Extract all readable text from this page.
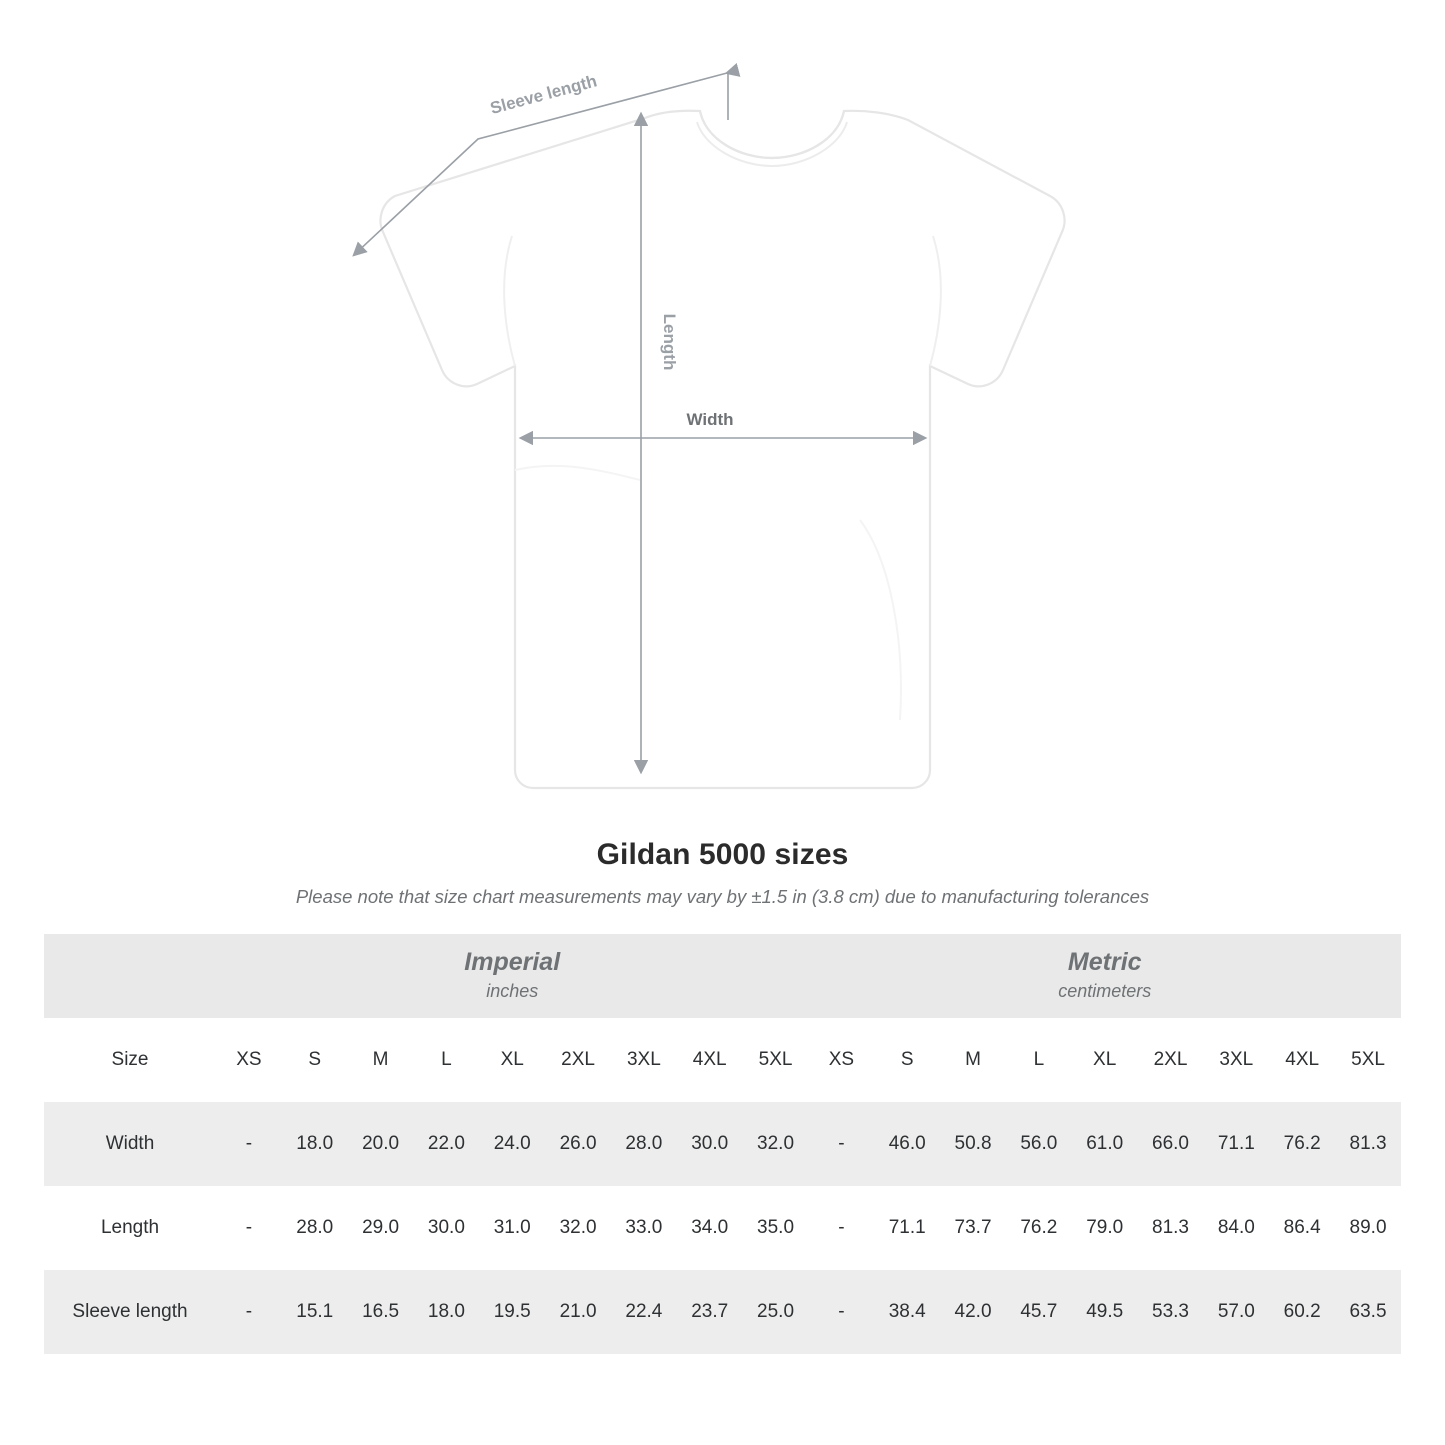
Sleeve length
Length
Width
Gildan 5000 sizes
Please note that size chart measurements may vary by ±1.5 in (3.8 cm) due to manufacturing tolerances

Imperial
inches

Metric
centimeters

Size	XS	S	M	L	XL	2XL	3XL	4XL	5XL	XS	S	M	L	XL	2XL	3XL	4XL	5XL
Width	-	18.0	20.0	22.0	24.0	26.0	28.0	30.0	32.0	-	46.0	50.8	56.0	61.0	66.0	71.1	76.2	81.3
Length	-	28.0	29.0	30.0	31.0	32.0	33.0	34.0	35.0	-	71.1	73.7	76.2	79.0	81.3	84.0	86.4	89.0
Sleeve length	-	15.1	16.5	18.0	19.5	21.0	22.4	23.7	25.0	-	38.4	42.0	45.7	49.5	53.3	57.0	60.2	63.5
